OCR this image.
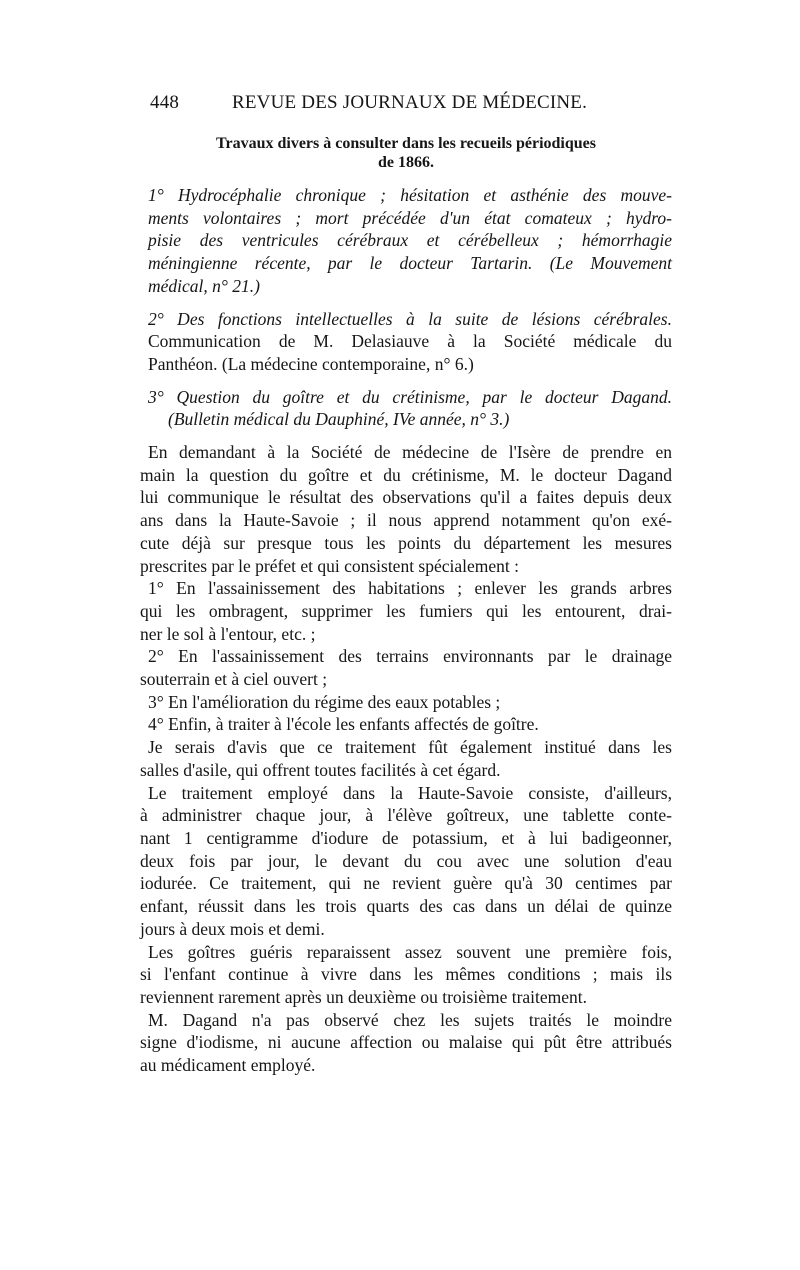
448	REVUE DES JOURNAUX DE MÉDECINE.
Travaux divers à consulter dans les recueils périodiques
de 1866.
1° Hydrocéphalie chronique ; hésitation et asthénie des mouve-
ments volontaires ; mort précédée d'un état comateux ; hydro-
pisie des ventricules cérébraux et cérébelleux ; hémorrhagie
méningienne récente, par le docteur Tartarin. (Le Mouvement
médical, n° 21.)
2° Des fonctions intellectuelles à la suite de lésions cérébrales.
Communication de M. Delasiauve à la Société médicale du
Panthéon. (La médecine contemporaine, n° 6.)
3° Question du goître et du crétinisme, par le docteur Dagand.
(Bulletin médical du Dauphiné, IVe année, n° 3.)
En demandant à la Société de médecine de l'Isère de prendre en
main la question du goître et du crétinisme, M. le docteur Dagand
lui communique le résultat des observations qu'il a faites depuis deux
ans dans la Haute-Savoie ; il nous apprend notamment qu'on exé-
cute déjà sur presque tous les points du département les mesures
prescrites par le préfet et qui consistent spécialement :
1° En l'assainissement des habitations ; enlever les grands arbres
qui les ombragent, supprimer les fumiers qui les entourent, drai-
ner le sol à l'entour, etc. ;
2° En l'assainissement des terrains environnants par le drainage
souterrain et à ciel ouvert ;
3° En l'amélioration du régime des eaux potables ;
4° Enfin, à traiter à l'école les enfants affectés de goître.
Je serais d'avis que ce traitement fût également institué dans les
salles d'asile, qui offrent toutes facilités à cet égard.
Le traitement employé dans la Haute-Savoie consiste, d'ailleurs,
à administrer chaque jour, à l'élève goîtreux, une tablette conte-
nant 1 centigramme d'iodure de potassium, et à lui badigeonner,
deux fois par jour, le devant du cou avec une solution d'eau
iodurée. Ce traitement, qui ne revient guère qu'à 30 centimes par
enfant, réussit dans les trois quarts des cas dans un délai de quinze
jours à deux mois et demi.
Les goîtres guéris reparaissent assez souvent une première fois,
si l'enfant continue à vivre dans les mêmes conditions ; mais ils
reviennent rarement après un deuxième ou troisième traitement.
M. Dagand n'a pas observé chez les sujets traités le moindre
signe d'iodisme, ni aucune affection ou malaise qui pût être attribués
au médicament employé.
